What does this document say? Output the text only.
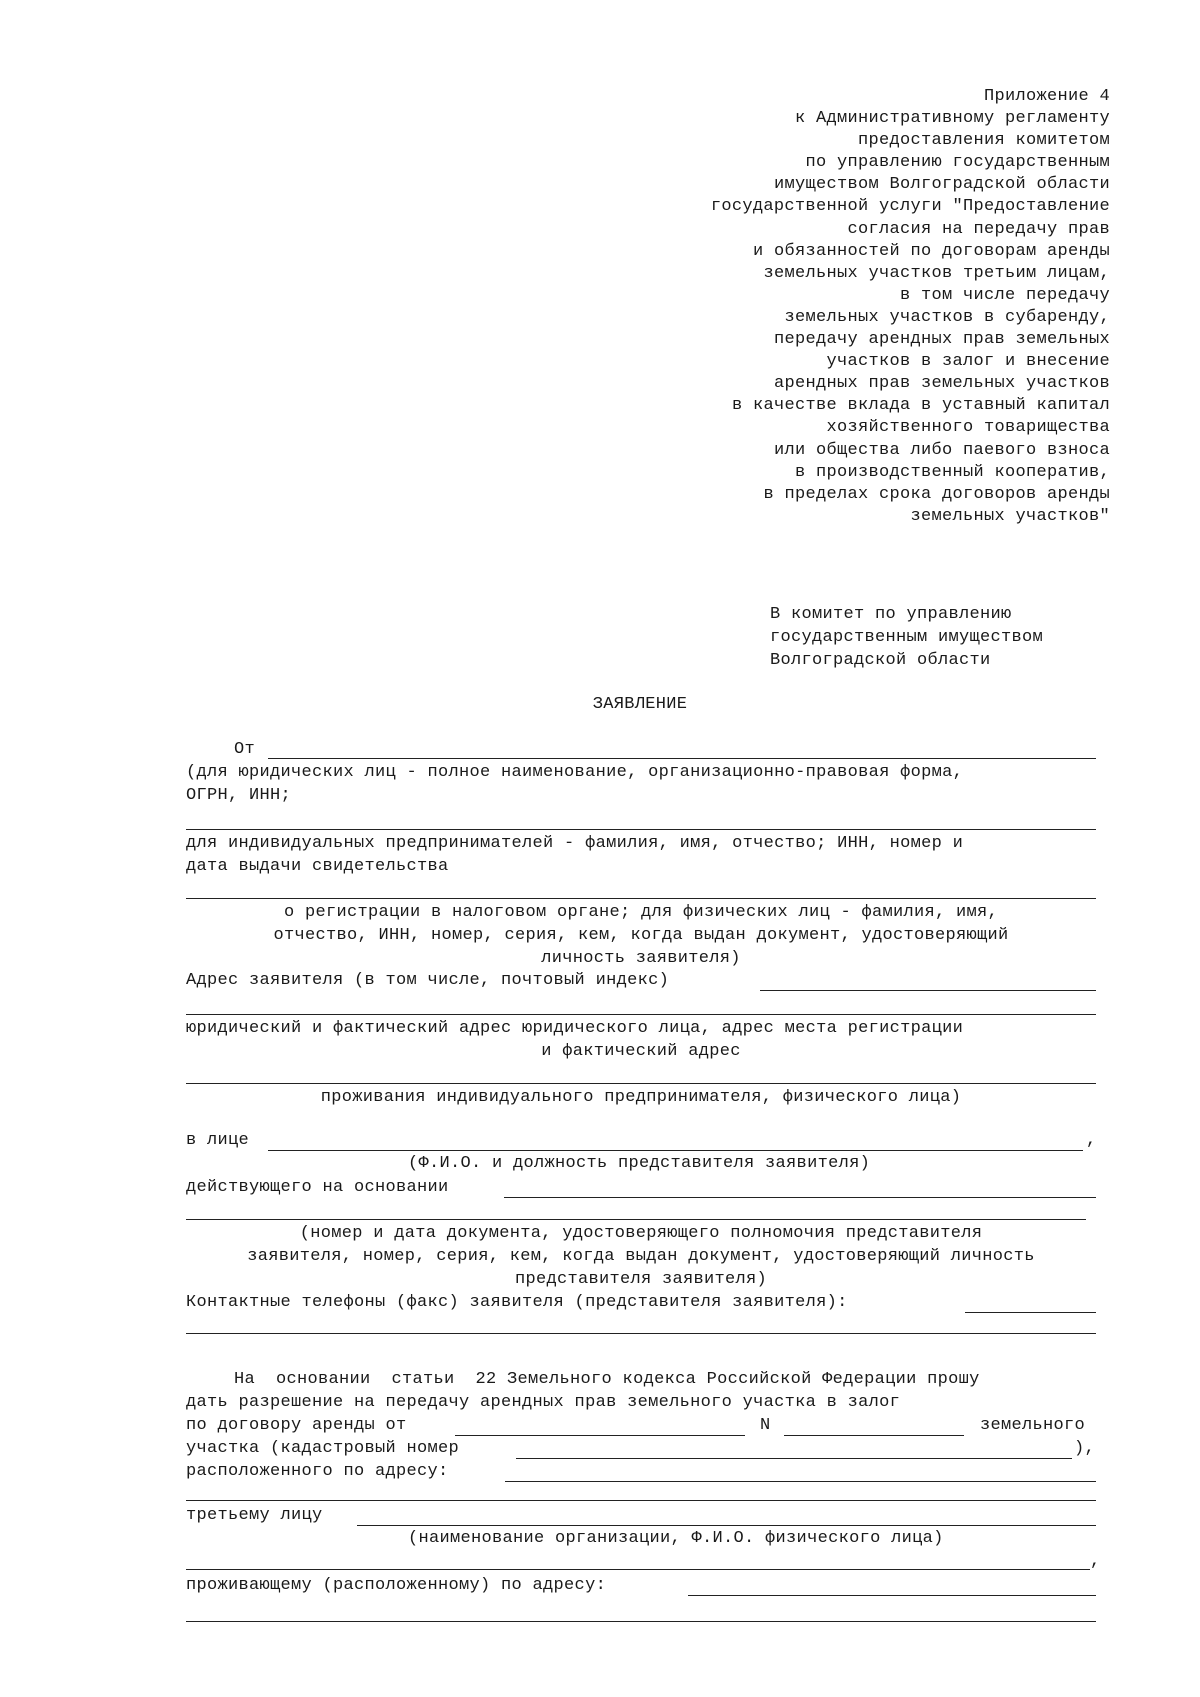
Приложение 4
к Административному регламенту
предоставления комитетом
по управлению государственным
имуществом Волгоградской области
государственной услуги "Предоставление
согласия на передачу прав
и обязанностей по договорам аренды
земельных участков третьим лицам,
в том числе передачу
земельных участков в субаренду,
передачу арендных прав земельных
участков в залог и внесение
арендных прав земельных участков
в качестве вклада в уставный капитал
хозяйственного товарищества
или общества либо паевого взноса
в производственный кооператив,
в пределах срока договоров аренды
земельных участков"
В комитет по управлению
государственным имуществом
Волгоградской области
ЗАЯВЛЕНИЕ
От
(для юридических лиц - полное наименование, организационно-правовая форма,
ОГРН, ИНН;
для индивидуальных предпринимателей - фамилия, имя, отчество; ИНН, номер и
дата выдачи свидетельства
о регистрации в налоговом органе; для физических лиц - фамилия, имя,
отчество, ИНН, номер, серия, кем, когда выдан документ, удостоверяющий
личность заявителя)
Адрес заявителя (в том числе, почтовый индекс)
юридический и фактический адрес юридического лица, адрес места регистрации
и фактический адрес
проживания индивидуального предпринимателя, физического лица)
в лице	,
(Ф.И.О. и должность представителя заявителя)
действующего на основании
(номер и дата документа, удостоверяющего полномочия представителя
заявителя, номер, серия, кем, когда выдан документ, удостоверяющий личность
представителя заявителя)
Контактные телефоны (факс) заявителя (представителя заявителя):
На  основании  статьи  22 Земельного кодекса Российской Федерации прошу
дать разрешение на передачу арендных прав земельного участка в залог
по договору аренды от	N	земельного
участка (кадастровый номер	),
расположенного по адресу:
третьему лицу
(наименование организации, Ф.И.О. физического лица)
,
проживающему (расположенному) по адресу:
